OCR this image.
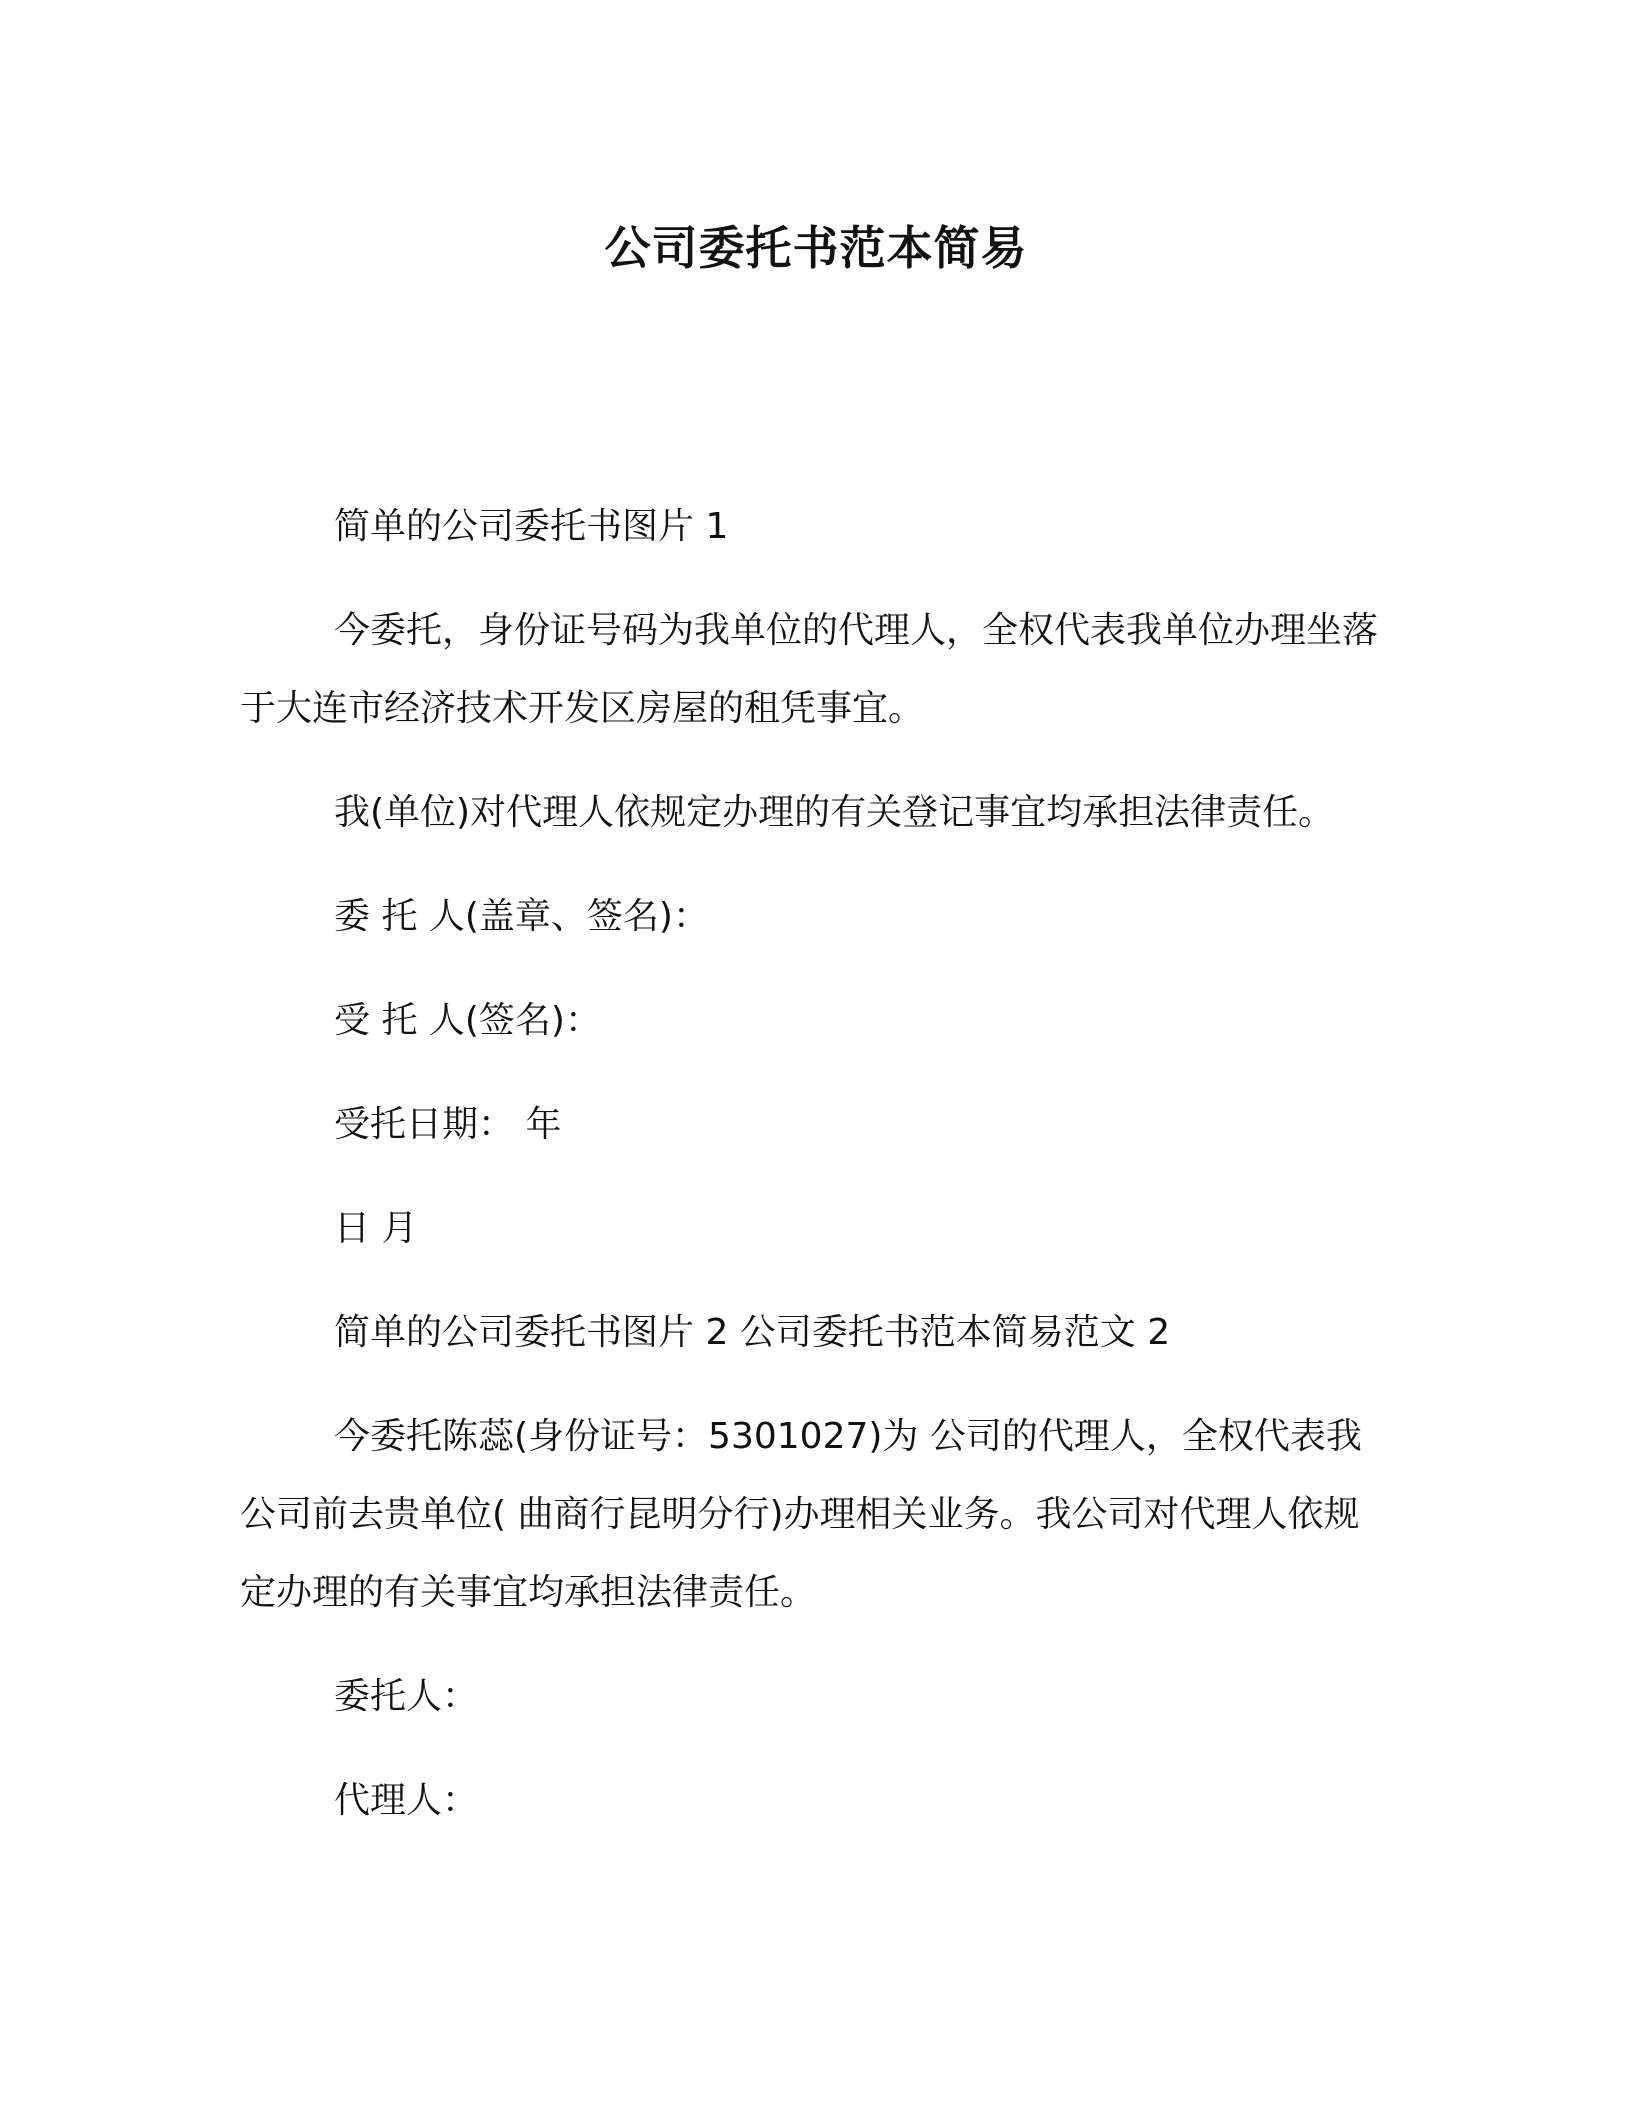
公司委托书范本简易

简单的公司委托书图片 1

今委托，身份证号码为我单位的代理人，全权代表我单位办理坐落于大连市经济技术开发区房屋的租凭事宜。

我(单位)对代理人依规定办理的有关登记事宜均承担法律责任。

委 托 人(盖章、签名)：

受 托 人(签名)：

受托日期： 年

日 月

简单的公司委托书图片 2 公司委托书范本简易范文 2

今委托陈蕊(身份证号：5301027)为 公司的代理人，全权代表我公司前去贵单位( 曲商行昆明分行)办理相关业务。我公司对代理人依规定办理的有关事宜均承担法律责任。

委托人：

代理人：
